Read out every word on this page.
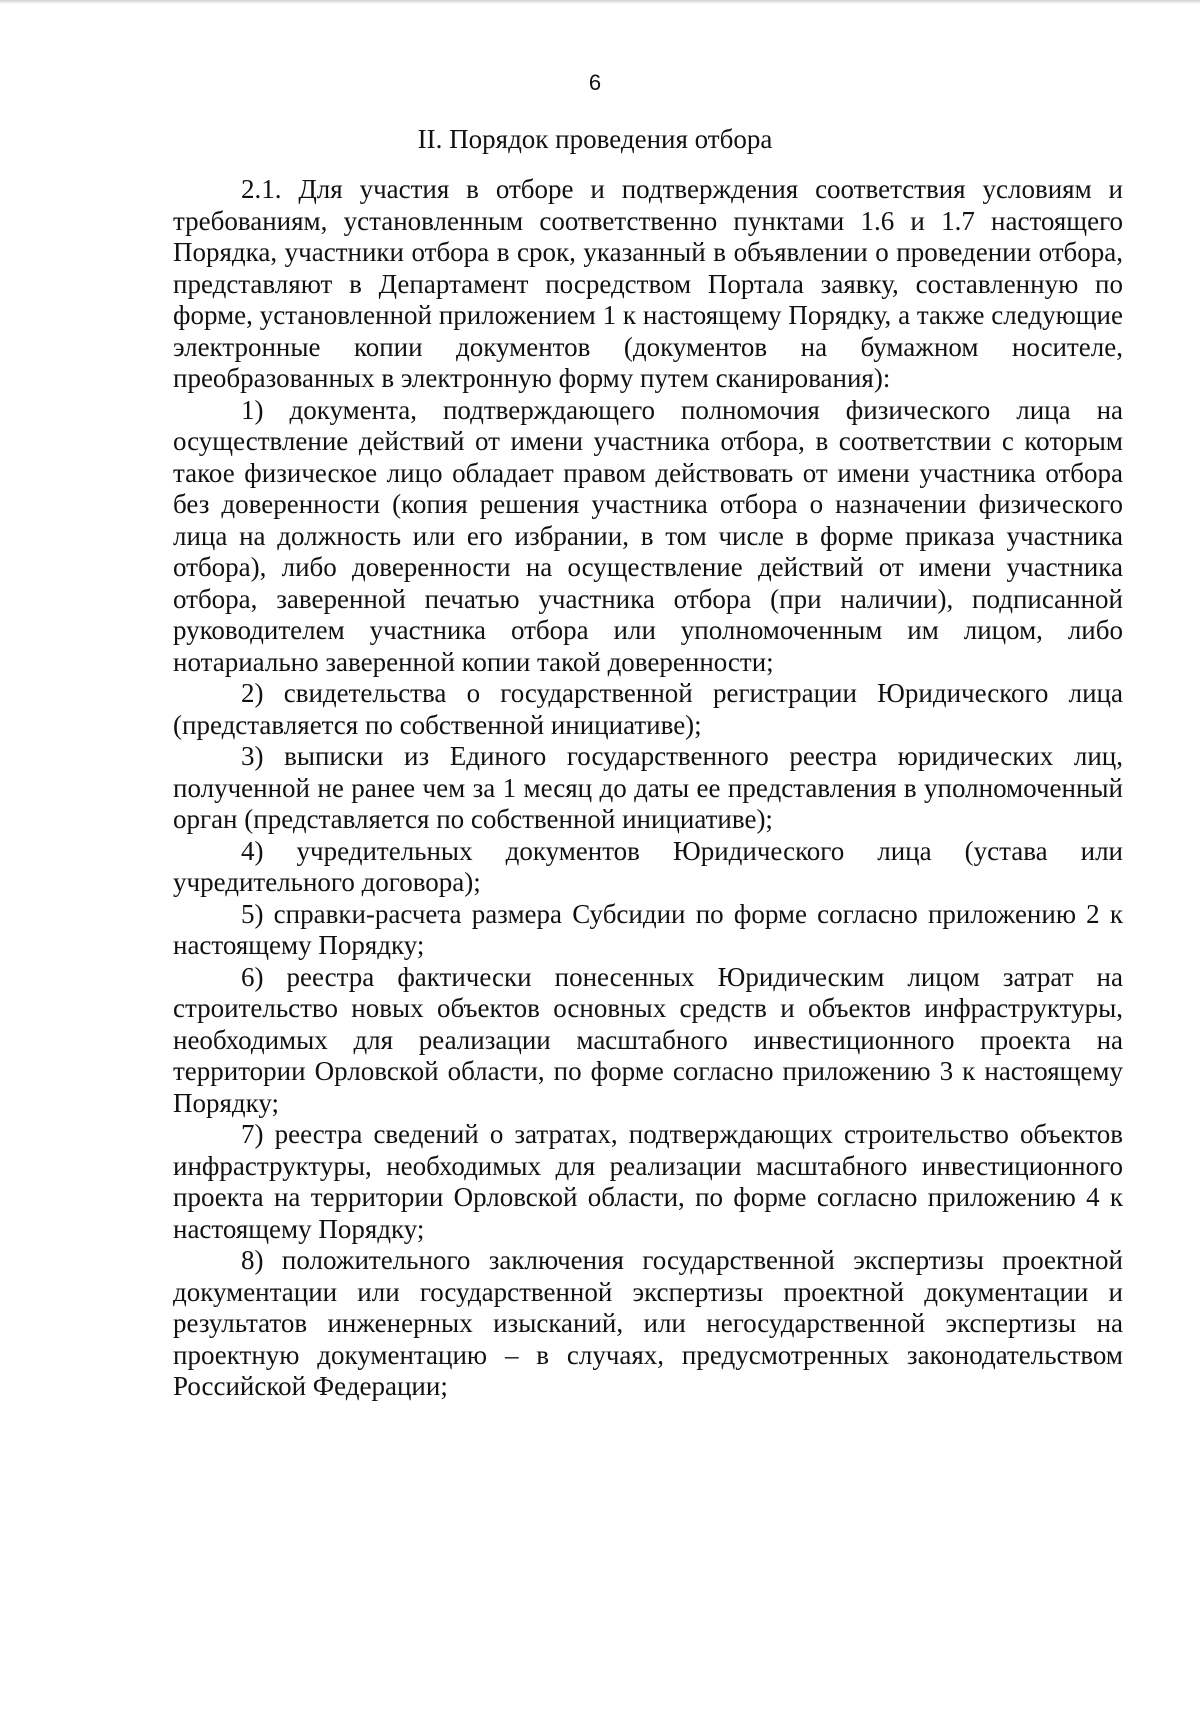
6
II. Порядок проведения отбора

2.1. Для участия в отборе и подтверждения соответствия условиям и требованиям, установленным соответственно пунктами 1.6 и 1.7 настоящего Порядка, участники отбора в срок, указанный в объявлении о проведении отбора, представляют в Департамент посредством Портала заявку, составленную по форме, установленной приложением 1 к настоящему Порядку, а также следующие электронные копии документов (документов на бумажном носителе, преобразованных в электронную форму путем сканирования):

1) документа, подтверждающего полномочия физического лица на осуществление действий от имени участника отбора, в соответствии с которым такое физическое лицо обладает правом действовать от имени участника отбора без доверенности (копия решения участника отбора о назначении физического лица на должность или его избрании, в том числе в форме приказа участника отбора), либо доверенности на осуществление действий от имени участника отбора, заверенной печатью участника отбора (при наличии), подписанной руководителем участника отбора или уполномоченным им лицом, либо нотариально заверенной копии такой доверенности;

2) свидетельства о государственной регистрации Юридического лица (представляется по собственной инициативе);

3) выписки из Единого государственного реестра юридических лиц, полученной не ранее чем за 1 месяц до даты ее представления в уполномоченный орган (представляется по собственной инициативе);

4) учредительных документов Юридического лица (устава или учредительного договора);

5) справки-расчета размера Субсидии по форме согласно приложению 2 к настоящему Порядку;

6) реестра фактически понесенных Юридическим лицом затрат на строительство новых объектов основных средств и объектов инфраструктуры, необходимых для реализации масштабного инвестиционного проекта на территории Орловской области, по форме согласно приложению 3 к настоящему Порядку;

7) реестра сведений о затратах, подтверждающих строительство объектов инфраструктуры, необходимых для реализации масштабного инвестиционного проекта на территории Орловской области, по форме согласно приложению 4 к настоящему Порядку;

8) положительного заключения государственной экспертизы проектной документации или государственной экспертизы проектной документации и результатов инженерных изысканий, или негосударственной экспертизы на проектную документацию – в случаях, предусмотренных законодательством Российской Федерации;
